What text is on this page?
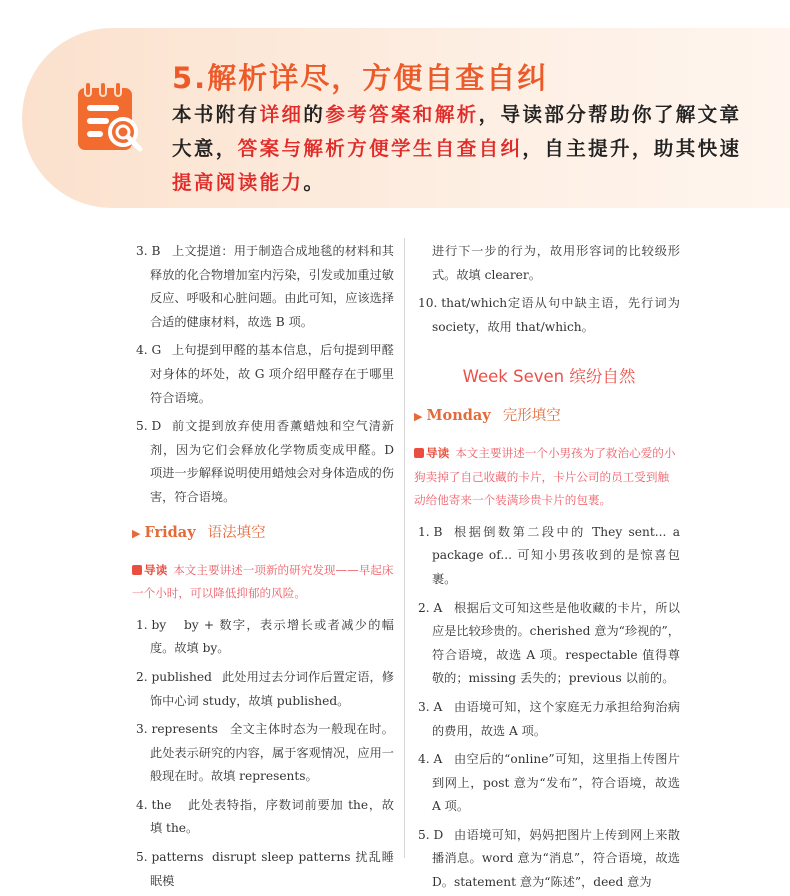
5.解析详尽，方便自查自纠
本书附有详细的参考答案和解析，导读部分帮助你了解文章大意，答案与解析方便学生自查自纠，自主提升，助其快速提高阅读能力。
3. B 上文提道：用于制造合成地毯的材料和其释放的化合物增加室内污染，引发或加重过敏反应、呼吸和心脏问题。由此可知，应该选择合适的健康材料，故选 B 项。
4. G 上句提到甲醛的基本信息，后句提到甲醛对身体的坏处，故 G 项介绍甲醛存在于哪里符合语境。
5. D 前文提到放弃使用香薰蜡烛和空气清新剂，因为它们会释放化学物质变成甲醛。D 项进一步解释说明使用蜡烛会对身体造成的伤害，符合语境。
▶ Friday 语法填空
导读 本文主要讲述一项新的研究发现——早起床一个小时，可以降低抑郁的风险。
1. by by + 数字，表示增长或者减少的幅度。故填 by。
2. published 此处用过去分词作后置定语，修饰中心词 study，故填 published。
3. represents 全文主体时态为一般现在时。此处表示研究的内容，属于客观情况，应用一般现在时。故填 represents。
4. the 此处表特指，序数词前要加 the，故填 the。
5. patterns disrupt sleep patterns 扰乱睡眠模
进行下一步的行为，故用形容词的比较级形式。故填 clearer。
10. that/which 定语从句中缺主语，先行词为 society，故用 that/which。
Week Seven 缤纷自然
▶ Monday 完形填空
导读 本文主要讲述一个小男孩为了救治心爱的小狗卖掉了自己收藏的卡片，卡片公司的员工受到触动给他寄来一个装满珍贵卡片的包裹。
1. B 根据倒数第二段中的 They sent... a package of... 可知小男孩收到的是惊喜包裹。
2. A 根据后文可知这些是他收藏的卡片，所以应是比较珍贵的。cherished 意为“珍视的”，符合语境，故选 A 项。respectable 值得尊敬的；missing 丢失的；previous 以前的。
3. A 由语境可知，这个家庭无力承担给狗治病的费用，故选 A 项。
4. A 由空后的“online”可知，这里指上传图片到网上，post 意为“发布”，符合语境，故选 A 项。
5. D 由语境可知，妈妈把图片上传到网上来散播消息。word 意为“消息”，符合语境，故选 D。statement 意为“陈述”，deed 意为
